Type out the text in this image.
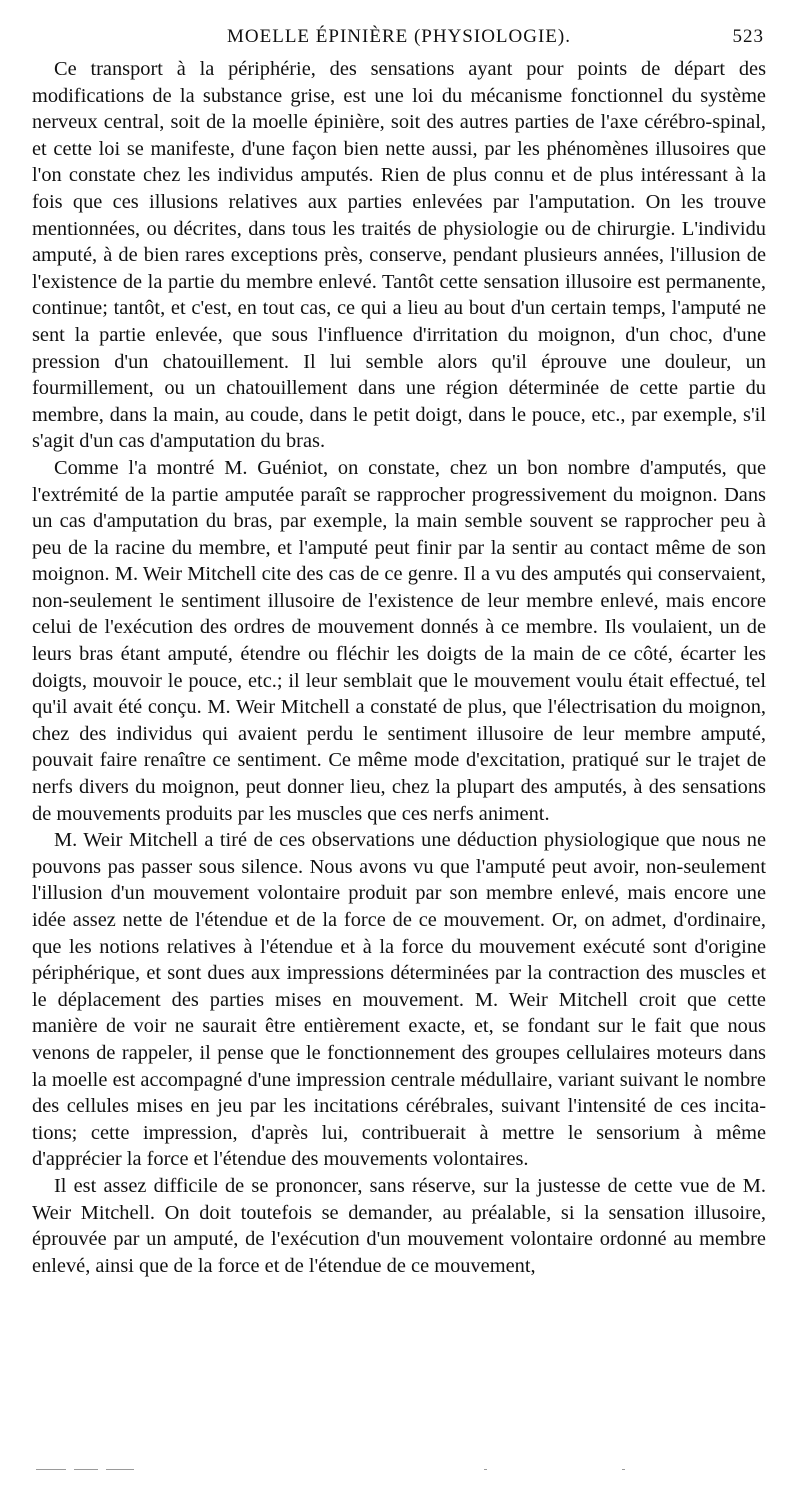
MOELLE ÉPINIÈRE (PHYSIOLOGIE).	523

Ce transport à la périphérie, des sensations ayant pour points de départ des modifications de la substance grise, est une loi du mécanisme fonctionnel du système nerveux central, soit de la moelle épinière, soit des autres parties de l'axe cérébro-spinal, et cette loi se manifeste, d'une façon bien nette aussi, par les phénomènes illusoires que l'on constate chez les individus amputés. Rien de plus connu et de plus intéressant à la fois que ces illusions relatives aux parties enlevées par l'amputation. On les trouve mentionnées, ou décrites, dans tous les traités de physiologie ou de chirurgie. L'individu amputé, à de bien rares exceptions près, conserve, pendant plusieurs années, l'illusion de l'existence de la partie du membre enlevé. Tantôt cette sensation illusoire est permanente, continue; tantôt, et c'est, en tout cas, ce qui a lieu au bout d'un certain temps, l'amputé ne sent la partie enlevée, que sous l'influence d'irritation du moignon, d'un choc, d'une pression d'un chatouillement. Il lui semble alors qu'il éprouve une douleur, un fourmillement, ou un chatouillement dans une région déterminée de cette partie du membre, dans la main, au coude, dans le petit doigt, dans le pouce, etc., par exemple, s'il s'agit d'un cas d'amputation du bras.

Comme l'a montré M. Guéniot, on constate, chez un bon nombre d'amputés, que l'extrémité de la partie amputée paraît se rapprocher progressivement du moignon. Dans un cas d'amputation du bras, par exemple, la main semble souvent se rapprocher peu à peu de la racine du membre, et l'amputé peut finir par la sentir au contact même de son moignon. M. Weir Mitchell cite des cas de ce genre. Il a vu des amputés qui conservaient, non-seulement le sentiment illusoire de l'existence de leur membre enlevé, mais encore celui de l'exécution des ordres de mouvement donnés à ce membre. Ils voulaient, un de leurs bras étant amputé, étendre ou fléchir les doigts de la main de ce côté, écarter les doigts, mouvoir le pouce, etc.; il leur semblait que le mouvement voulu était effectué, tel qu'il avait été conçu. M. Weir Mitchell a constaté de plus, que l'électrisation du moignon, chez des individus qui avaient perdu le sentiment illusoire de leur membre amputé, pouvait faire renaître ce sentiment. Ce même mode d'excitation, pratiqué sur le trajet de nerfs divers du moignon, peut donner lieu, chez la plupart des amputés, à des sensations de mouvements produits par les muscles que ces nerfs animent.

M. Weir Mitchell a tiré de ces observations une déduction physiologique que nous ne pouvons pas passer sous silence. Nous avons vu que l'amputé peut avoir, non-seulement l'illusion d'un mouvement volontaire produit par son membre enlevé, mais encore une idée assez nette de l'étendue et de la force de ce mouvement. Or, on admet, d'ordinaire, que les notions relatives à l'étendue et à la force du mouvement exécuté sont d'origine périphérique, et sont dues aux impressions déterminées par la contraction des muscles et le déplacement des parties mises en mouvement. M. Weir Mitchell croit que cette manière de voir ne saurait être entièrement exacte, et, se fondant sur le fait que nous venons de rappeler, il pense que le fonctionnement des groupes cellulaires moteurs dans la moelle est accompagné d'une impression centrale médullaire, variant suivant le nombre des cellules mises en jeu par les incitations cérébrales, suivant l'intensité de ces incitations; cette impression, d'après lui, contribuerait à mettre le sensorium à même d'apprécier la force et l'étendue des mouvements volontaires.

Il est assez difficile de se prononcer, sans réserve, sur la justesse de cette vue de M. Weir Mitchell. On doit toutefois se demander, au préalable, si la sensation illusoire, éprouvée par un amputé, de l'exécution d'un mouvement volontaire ordonné au membre enlevé, ainsi que de la force et de l'étendue de ce mouvement,
